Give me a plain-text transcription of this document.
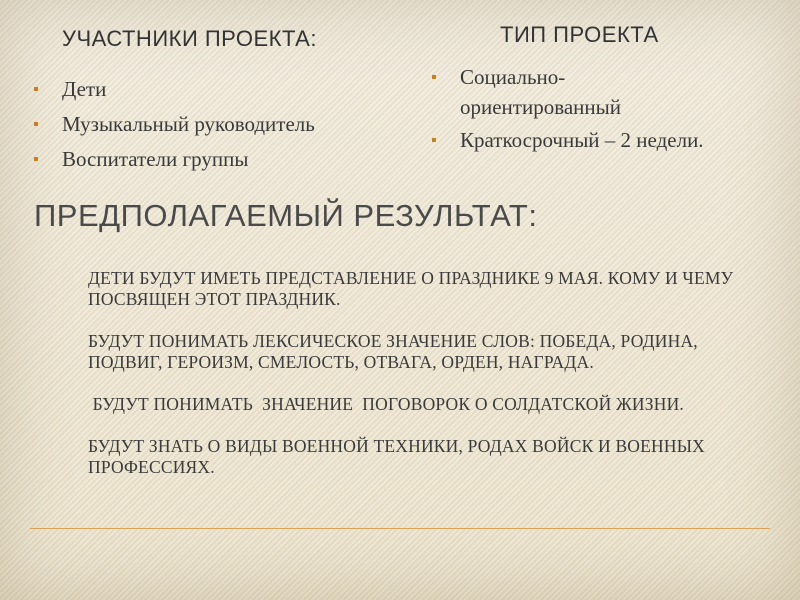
УЧАСТНИКИ ПРОЕКТА:
Дети
Музыкальный руководитель
Воспитатели группы
ТИП ПРОЕКТА
Социально-ориентированный
Краткосрочный – 2 недели.
ПРЕДПОЛАГАЕМЫЙ РЕЗУЛЬТАТ:

ДЕТИ БУДУТ ИМЕТЬ ПРЕДСТАВЛЕНИЕ О ПРАЗДНИКЕ 9 МАЯ. КОМУ И ЧЕМУ ПОСВЯЩЕН ЭТОТ ПРАЗДНИК.

БУДУТ ПОНИМАТЬ ЛЕКСИЧЕСКОЕ ЗНАЧЕНИЕ СЛОВ: ПОБЕДА, РОДИНА, ПОДВИГ, ГЕРОИЗМ, СМЕЛОСТЬ, ОТВАГА, ОРДЕН, НАГРАДА.

БУДУТ ПОНИМАТЬ  ЗНАЧЕНИЕ  ПОГОВОРОК О СОЛДАТСКОЙ ЖИЗНИ.

БУДУТ ЗНАТЬ О ВИДЫ ВОЕННОЙ ТЕХНИКИ, РОДАХ ВОЙСК И ВОЕННЫХ ПРОФЕССИЯХ.
